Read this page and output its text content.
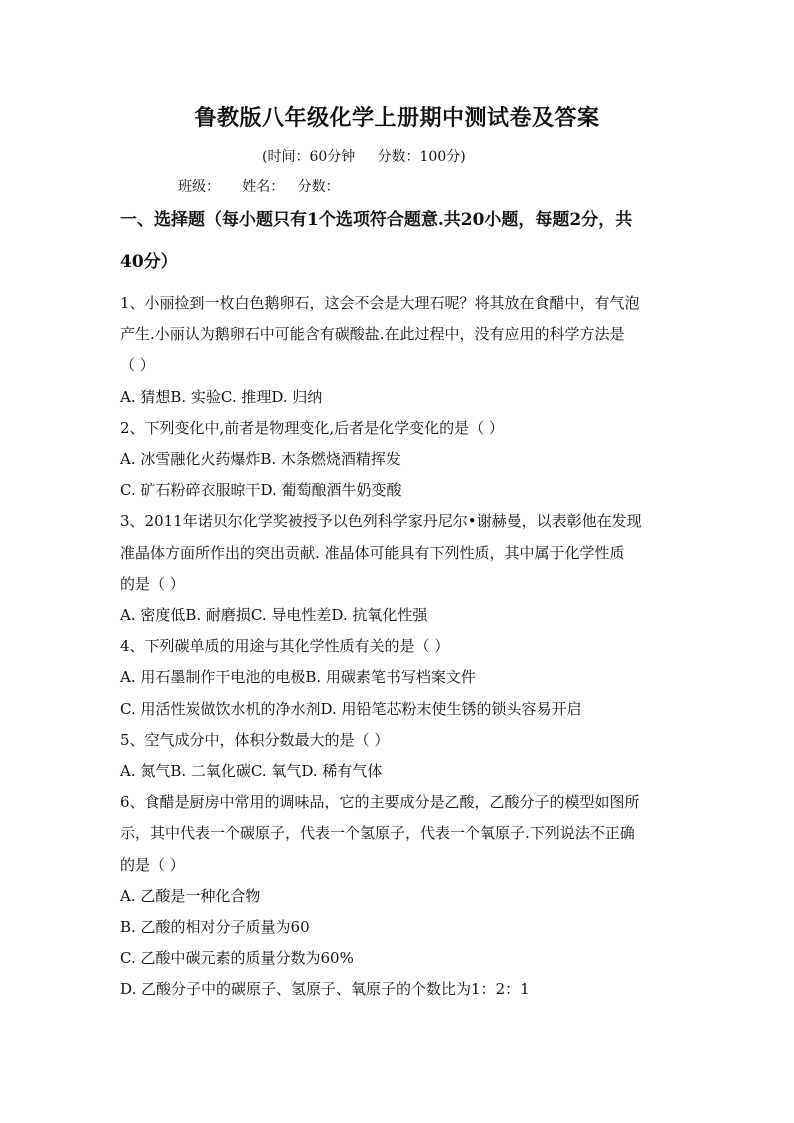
鲁教版八年级化学上册期中测试卷及答案
(时间：60分钟     分数：100分)
班级：     姓名：   分数：
一、选择题（每小题只有1个选项符合题意.共20小题，每题2分，共
40分）

1、小丽捡到一枚白色鹅卵石，这会不会是大理石呢？将其放在食醋中，有气泡

产生.小丽认为鹅卵石中可能含有碳酸盐.在此过程中，没有应用的科学方法是

（ ）

A. 猜想B. 实验C. 推理D. 归纳

2、下列变化中,前者是物理变化,后者是化学变化的是（ ）

A. 冰雪融化火药爆炸B. 木条燃烧酒精挥发

C. 矿石粉碎衣服晾干D. 葡萄酿酒牛奶变酸

3、2011年诺贝尔化学奖被授予以色列科学家丹尼尔•谢赫曼，以表彰他在发现

准晶体方面所作出的突出贡献. 准晶体可能具有下列性质，其中属于化学性质

的是（ ）

A. 密度低B. 耐磨损C. 导电性差D. 抗氧化性强

4、下列碳单质的用途与其化学性质有关的是（ ）

A. 用石墨制作干电池的电极B. 用碳素笔书写档案文件

C. 用活性炭做饮水机的净水剂D. 用铅笔芯粉末使生锈的锁头容易开启

5、空气成分中，体积分数最大的是（ ）

A. 氮气B. 二氧化碳C. 氧气D. 稀有气体

6、食醋是厨房中常用的调味品，它的主要成分是乙酸，乙酸分子的模型如图所

示，其中代表一个碳原子，代表一个氢原子，代表一个氧原子.下列说法不正确

的是（ ）

A. 乙酸是一种化合物

B. 乙酸的相对分子质量为60

C. 乙酸中碳元素的质量分数为60%

D. 乙酸分子中的碳原子、氢原子、氧原子的个数比为1：2：1
